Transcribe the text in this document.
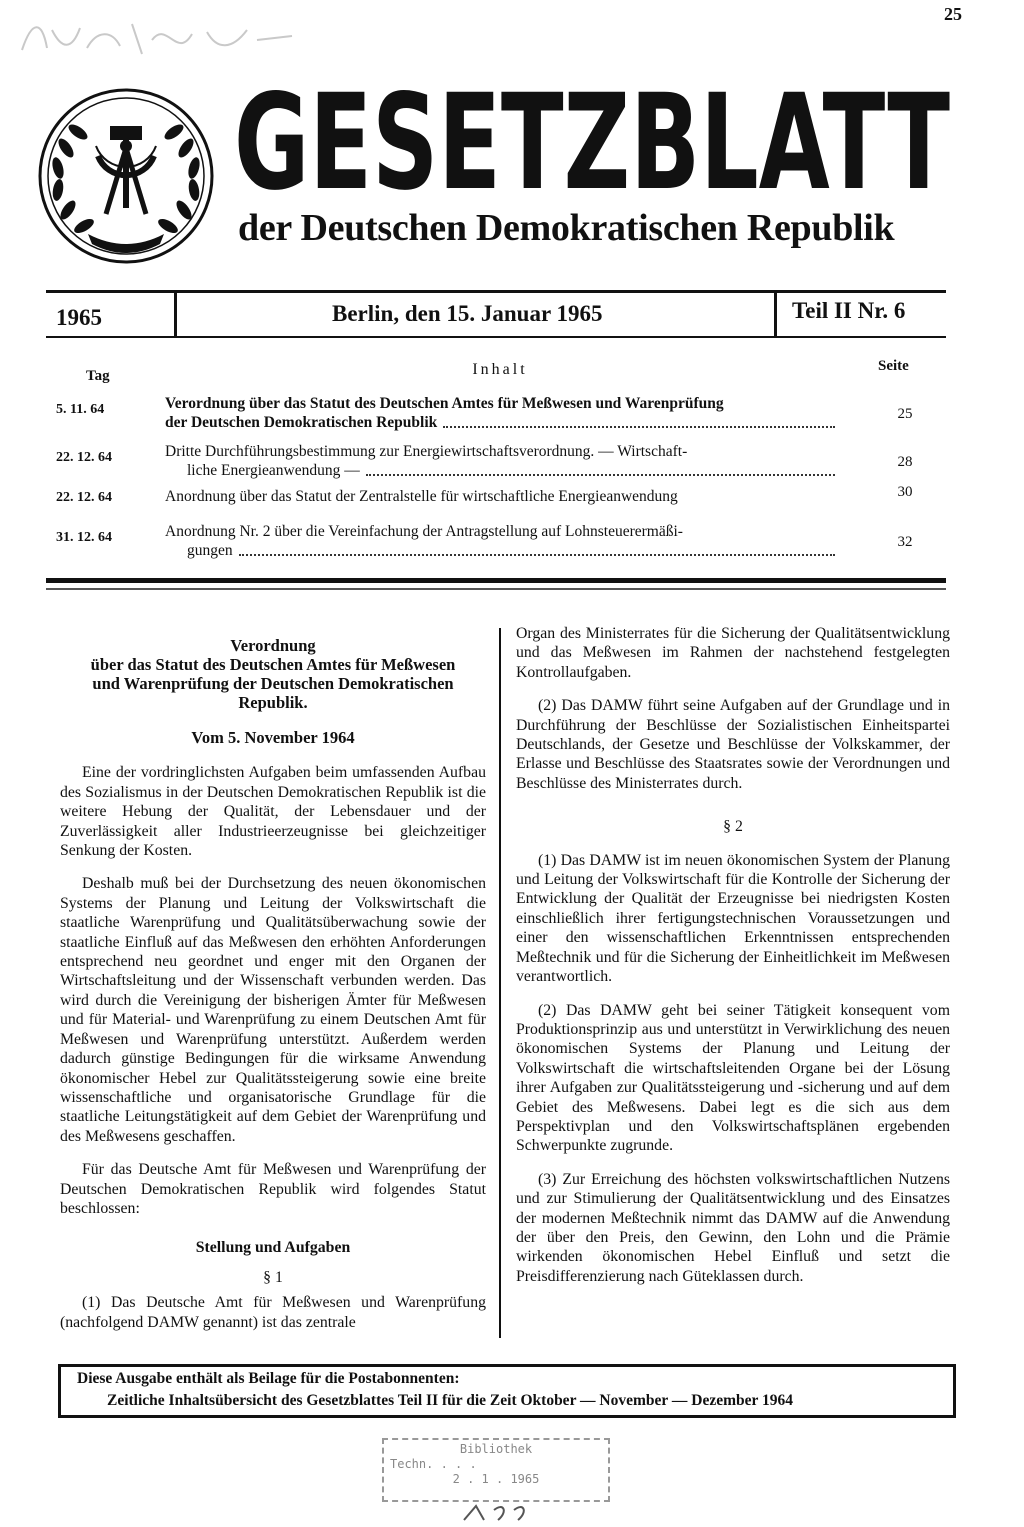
25
GESETZBLATT
der Deutschen Demokratischen Republik
1965	Berlin, den 15. Januar 1965	Teil II Nr. 6
Tag	Inhalt	Seite
5. 11. 64	Verordnung über das Statut des Deutschen Amtes für Meßwesen und Warenprüfung
der Deutschen Demokratischen Republik	25
22. 12. 64	Dritte Durchführungsbestimmung zur Energiewirtschaftsverordnung. — Wirtschaft-
liche Energieanwendung —	28
22. 12. 64	Anordnung über das Statut der Zentralstelle für wirtschaftliche Energieanwendung	30
31. 12. 64	Anordnung Nr. 2 über die Vereinfachung der Antragstellung auf Lohnsteuerermäßi-
gungen	32
Verordnung
über das Statut des Deutschen Amtes für Meßwesen
und Warenprüfung der Deutschen Demokratischen
Republik.
Vom 5. November 1964

Eine der vordringlichsten Aufgaben beim umfassenden Aufbau des Sozialismus in der Deutschen Demokratischen Republik ist die weitere Hebung der Qualität, der Lebensdauer und der Zuverlässigkeit aller Industrieerzeugnisse bei gleichzeitiger Senkung der Kosten.

Deshalb muß bei der Durchsetzung des neuen ökonomischen Systems der Planung und Leitung der Volkswirtschaft die staatliche Warenprüfung und Qualitätsüberwachung sowie der staatliche Einfluß auf das Meßwesen den erhöhten Anforderungen entsprechend neu geordnet und enger mit den Organen der Wirtschaftsleitung und der Wissenschaft verbunden werden. Das wird durch die Vereinigung der bisherigen Ämter für Meßwesen und für Material- und Warenprüfung zu einem Deutschen Amt für Meßwesen und Warenprüfung unterstützt. Außerdem werden dadurch günstige Bedingungen für die wirksame Anwendung ökonomischer Hebel zur Qualitätssteigerung sowie eine breite wissenschaftliche und organisatorische Grundlage für die staatliche Leitungstätigkeit auf dem Gebiet der Warenprüfung und des Meßwesens geschaffen.

Für das Deutsche Amt für Meßwesen und Warenprüfung der Deutschen Demokratischen Republik wird folgendes Statut beschlossen:

Stellung und Aufgaben
§ 1

(1) Das Deutsche Amt für Meßwesen und Warenprüfung (nachfolgend DAMW genannt) ist das zentrale

Organ des Ministerrates für die Sicherung der Qualitätsentwicklung und das Meßwesen im Rahmen der nachstehend festgelegten Kontrollaufgaben.

(2) Das DAMW führt seine Aufgaben auf der Grundlage und in Durchführung der Beschlüsse der Sozialistischen Einheitspartei Deutschlands, der Gesetze und Beschlüsse der Volkskammer, der Erlasse und Beschlüsse des Staatsrates sowie der Verordnungen und Beschlüsse des Ministerrates durch.

§ 2

(1) Das DAMW ist im neuen ökonomischen System der Planung und Leitung der Volkswirtschaft für die Kontrolle der Sicherung der Entwicklung der Qualität der Erzeugnisse bei niedrigsten Kosten einschließlich ihrer fertigungstechnischen Voraussetzungen und einer den wissenschaftlichen Erkenntnissen entsprechenden Meßtechnik und für die Sicherung der Einheitlichkeit im Meßwesen verantwortlich.

(2) Das DAMW geht bei seiner Tätigkeit konsequent vom Produktionsprinzip aus und unterstützt in Verwirklichung des neuen ökonomischen Systems der Planung und Leitung der Volkswirtschaft die wirtschaftsleitenden Organe bei der Lösung ihrer Aufgaben zur Qualitätssteigerung und -sicherung und auf dem Gebiet des Meßwesens. Dabei legt es die sich aus dem Perspektivplan und den Volkswirtschaftsplänen ergebenden Schwerpunkte zugrunde.

(3) Zur Erreichung des höchsten volkswirtschaftlichen Nutzens und zur Stimulierung der Qualitätsentwicklung und des Einsatzes der modernen Meßtechnik nimmt das DAMW auf die Anwendung der über den Preis, den Gewinn, den Lohn und die Prämie wirkenden ökonomischen Hebel Einfluß und setzt die Preisdifferenzierung nach Güteklassen durch.

Diese Ausgabe enthält als Beilage für die Postabonnenten:
Zeitliche Inhaltsübersicht des Gesetzblattes Teil II für die Zeit Oktober — November — Dezember 1964
Bibliothek
Techn. . . .
2 . 1 . 1965
